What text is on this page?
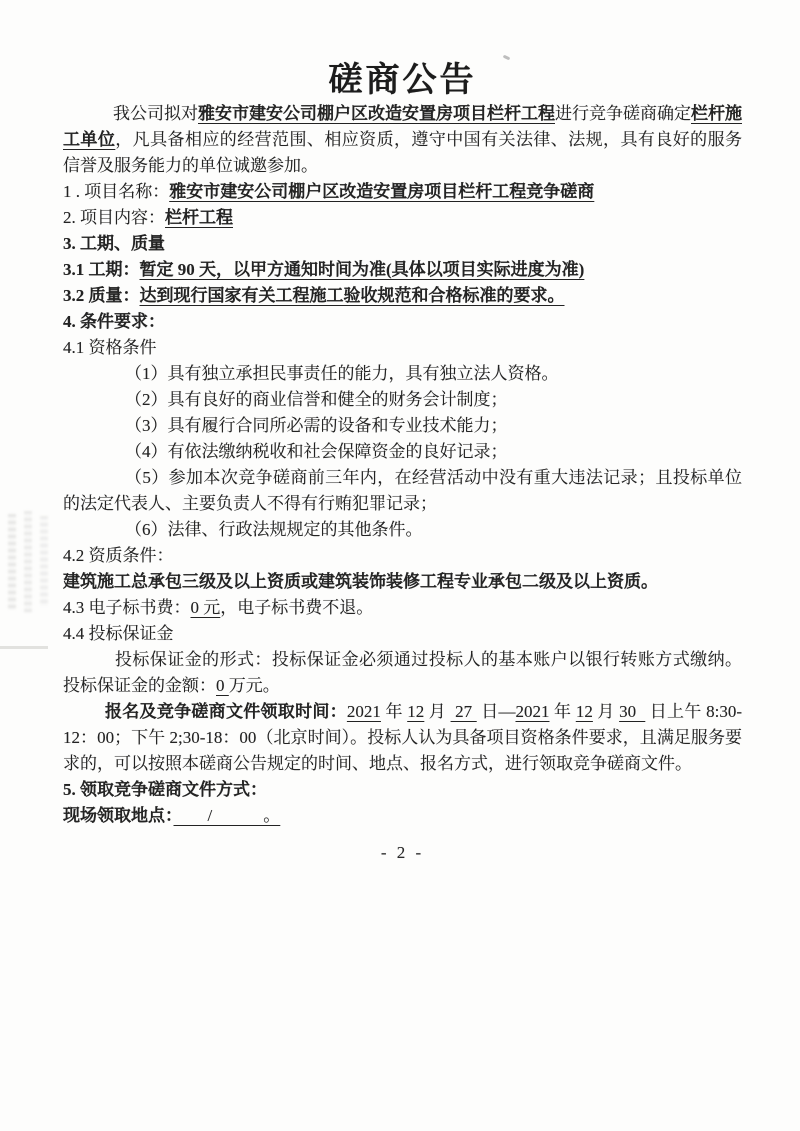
磋商公告

我公司拟对雅安市建安公司棚户区改造安置房项目栏杆工程进行竞争磋商确定栏杆施工单位，凡具备相应的经营范围、相应资质，遵守中国有关法律、法规，具有良好的服务信誉及服务能力的单位诚邀参加。

1 . 项目名称：雅安市建安公司棚户区改造安置房项目栏杆工程竞争磋商

2. 项目内容：栏杆工程

3. 工期、质量

3.1 工期：暂定 90 天，以甲方通知时间为准(具体以项目实际进度为准)

3.2 质量：达到现行国家有关工程施工验收规范和合格标准的要求。

4. 条件要求：

4.1 资格条件

（1）具有独立承担民事责任的能力，具有独立法人资格。

（2）具有良好的商业信誉和健全的财务会计制度；

（3）具有履行合同所必需的设备和专业技术能力；

（4）有依法缴纳税收和社会保障资金的良好记录；

（5）参加本次竞争磋商前三年内，在经营活动中没有重大违法记录；且投标单位的法定代表人、主要负责人不得有行贿犯罪记录；

（6）法律、行政法规规定的其他条件。

4.2 资质条件：

建筑施工总承包三级及以上资质或建筑装饰装修工程专业承包二级及以上资质。

4.3 电子标书费：0 元，电子标书费不退。

4.4 投标保证金

投标保证金的形式：投标保证金必须通过投标人的基本账户以银行转账方式缴纳。投标保证金的金额：0 万元。

报名及竞争磋商文件领取时间：2021 年 12 月  27  日—2021 年 12 月 30   日上午 8:30-12：00；下午 2;30-18：00（北京时间）。投标人认为具备项目资格条件要求，且满足服务要求的，可以按照本磋商公告规定的时间、地点、报名方式，进行领取竞争磋商文件。

5. 领取竞争磋商文件方式：

现场领取地点：　　/　　　。

- 2 -
